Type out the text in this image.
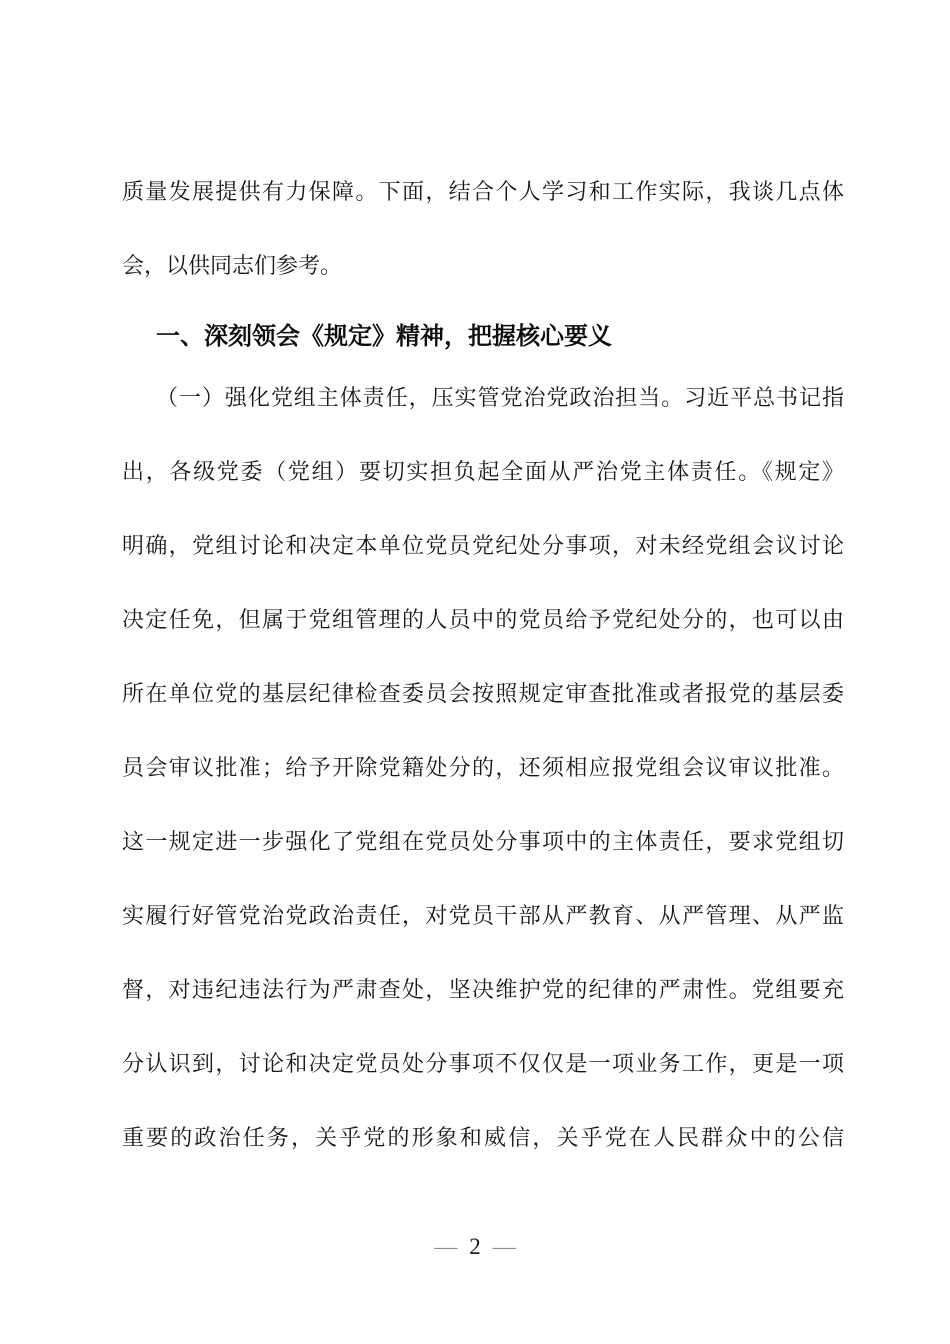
质量发展提供有力保障。下面，结合个人学习和工作实际，我谈几点体
会，以供同志们参考。
一、深刻领会《规定》精神，把握核心要义
（一）强化党组主体责任，压实管党治党政治担当。习近平总书记指
出，各级党委（党组）要切实担负起全面从严治党主体责任。《规定》
明确，党组讨论和决定本单位党员党纪处分事项，对未经党组会议讨论
决定任免，但属于党组管理的人员中的党员给予党纪处分的，也可以由
所在单位党的基层纪律检查委员会按照规定审查批准或者报党的基层委
员会审议批准；给予开除党籍处分的，还须相应报党组会议审议批准。
这一规定进一步强化了党组在党员处分事项中的主体责任，要求党组切
实履行好管党治党政治责任，对党员干部从严教育、从严管理、从严监
督，对违纪违法行为严肃查处，坚决维护党的纪律的严肃性。党组要充
分认识到，讨论和决定党员处分事项不仅仅是一项业务工作，更是一项
重要的政治任务，关乎党的形象和威信，关乎党在人民群众中的公信
— 2 —
